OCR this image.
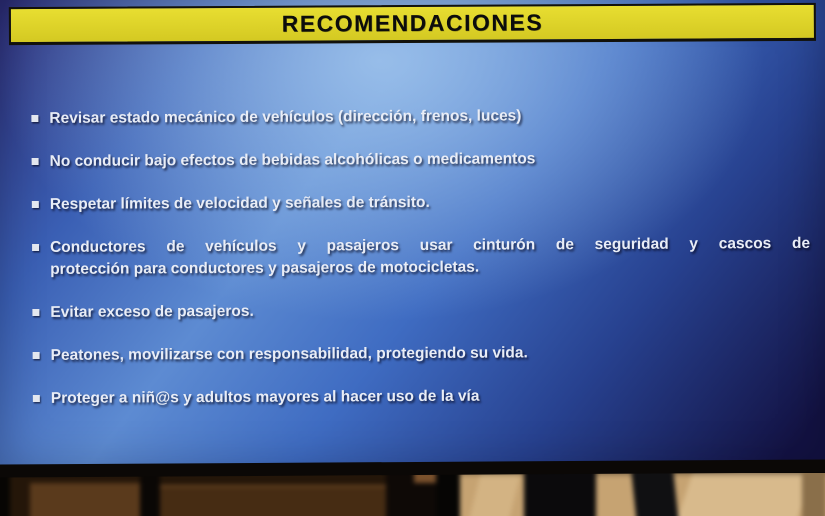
RECOMENDACIONES
Revisar estado mecánico de vehículos (dirección, frenos, luces)
No conducir bajo efectos de bebidas alcohólicas o medicamentos
Respetar límites de velocidad y señales de tránsito.
Conductores de vehículos y pasajeros usar cinturón de seguridad y cascos de
protección para conductores y pasajeros de motocicletas.
Evitar exceso de pasajeros.
Peatones, movilizarse con responsabilidad, protegiendo su vida.
Proteger a niñ@s y adultos mayores al hacer uso de la vía
